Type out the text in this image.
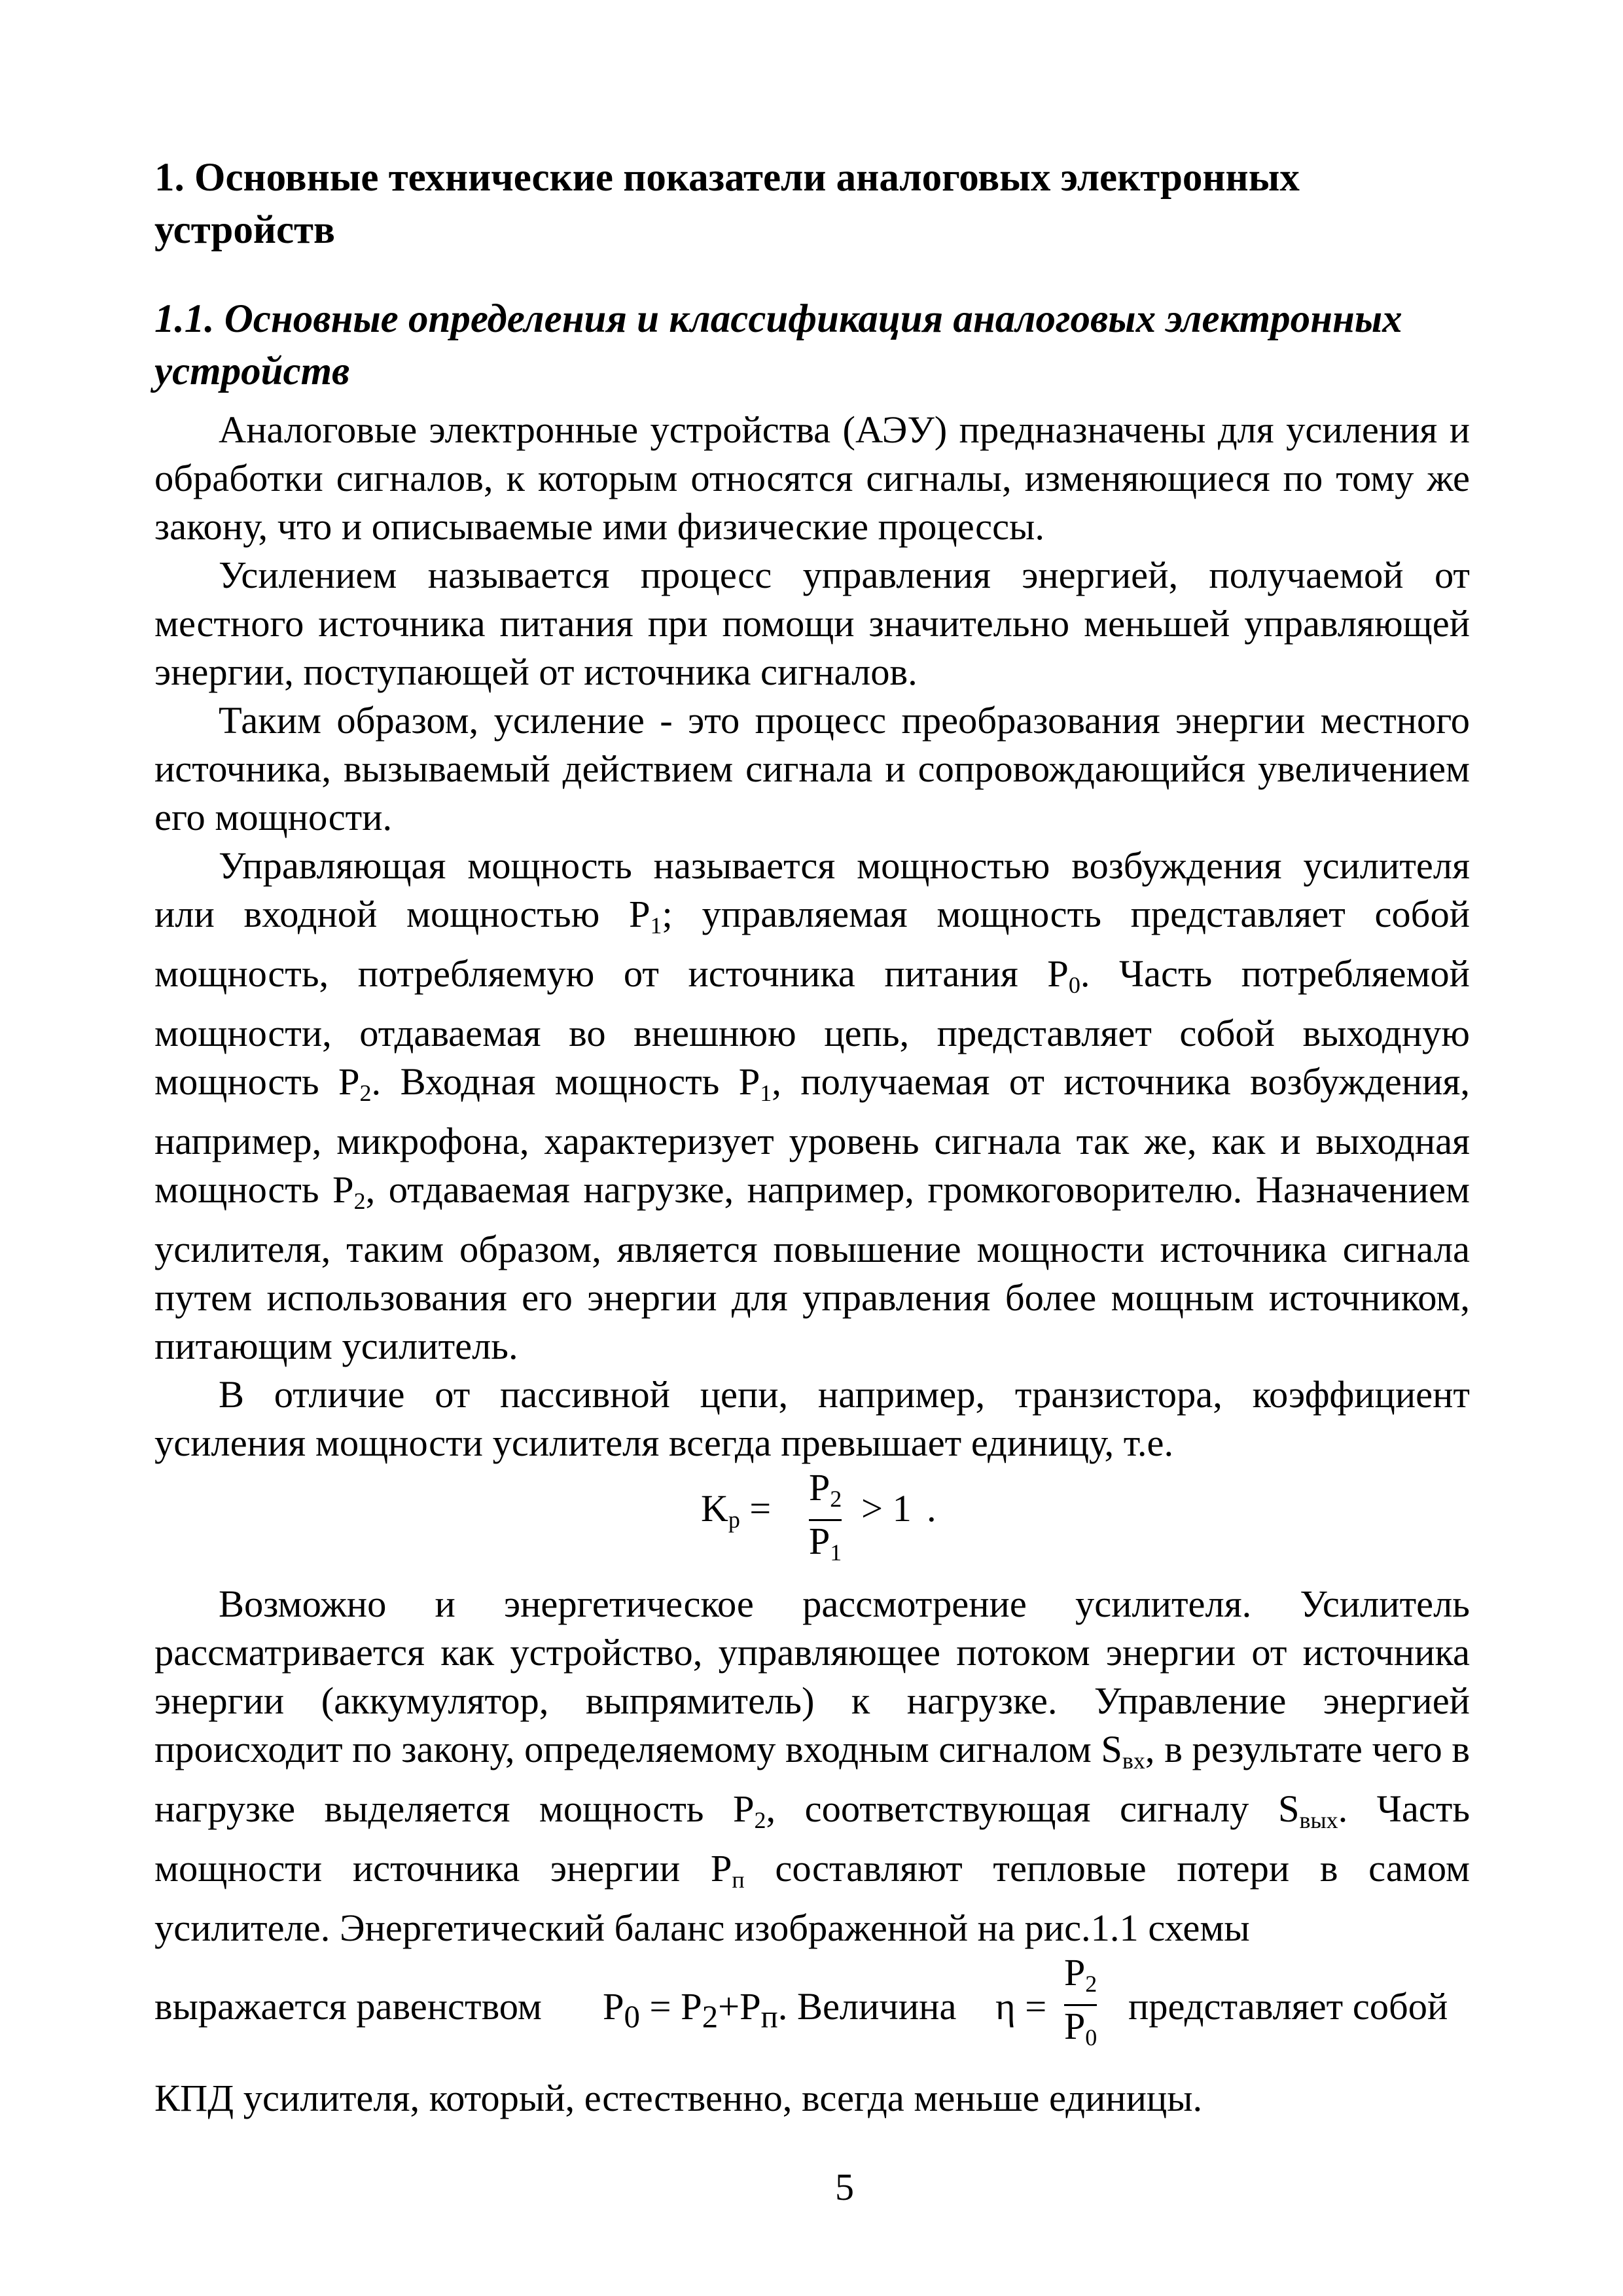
1. Основные технические показатели аналоговых электронных устройств
1.1. Основные определения и классификация аналоговых электронных устройств

Аналоговые электронные устройства (АЭУ) предназначены для усиления и обработки сигналов, к которым относятся сигналы, изменяющиеся по тому же закону, что и описываемые ими физические процессы.

Усилением называется процесс управления энергией, получаемой от местного источника питания при помощи значительно меньшей управляющей энергии, поступающей от источника сигналов.

Таким образом, усиление - это процесс преобразования энергии местного источника, вызываемый действием сигнала и сопровождающийся увеличением его мощности.

Управляющая мощность называется мощностью возбуждения усилителя или входной мощностью $P_1$; управляемая мощность представляет собой мощность, потребляемую от источника питания $P_0$. Часть потребляемой мощности, отдаваемая во внешнюю цепь, представляет собой выходную мощность $P_2$. Входная мощность $P_1$, получаемая от источника возбуждения, например, микрофона, характеризует уровень сигнала так же, как и выходная мощность $P_2$, отдаваемая нагрузке, например, громкоговорителю. Назначением усилителя, таким образом, является повышение мощности источника сигнала путем использования его энергии для управления более мощным источником, питающим усилитель.

В отличие от пассивной цепи, например, транзистора, коэффициент усиления мощности усилителя всегда превышает единицу, т.е.

$K_р = P_2$
$P_1$
> 1 .

Возможно и энергетическое рассмотрение усилителя. Усилитель рассматривается как устройство, управляющее потоком энергии от источника энергии (аккумулятор, выпрямитель) к нагрузке. Управление энергией происходит по закону, определяемому входным сигналом $S_{вх}$, в результате чего в нагрузке выделяется мощность $P_2$, соответствующая сигналу $S_{вых}$. Часть мощности источника энергии $P_п$ составляют тепловые потери в самом усилителе. Энергетический баланс изображенной на рис.1.1 схемы

выражается равенством $P_0 = P_2+P_п$. Величина η =
$P_2$
$P_0$
представляет собой

КПД усилителя, который, естественно, всегда меньше единицы.

5
